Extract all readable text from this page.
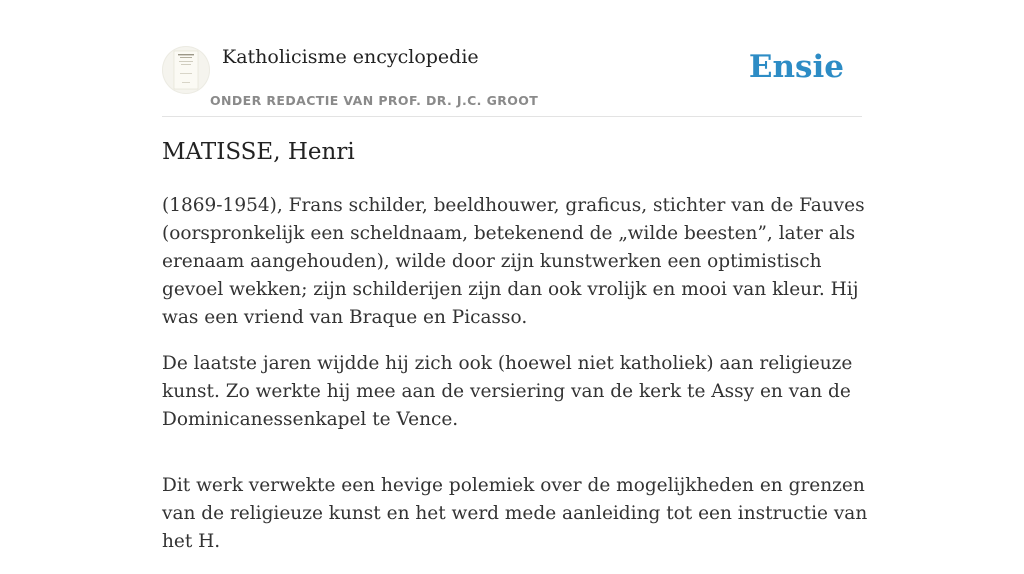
Katholicisme encyclopedie
ONDER REDACTIE VAN PROF. DR. J.C. GROOT
Ensie
MATISSE, Henri

(1869-1954), Frans schilder, beeldhouwer, graficus, stichter van de Fauves (oorspronkelijk een scheldnaam, betekenend de „wilde beesten”, later als erenaam aangehouden), wilde door zijn kunstwerken een optimistisch gevoel wekken; zijn schilderijen zijn dan ook vrolijk en mooi van kleur. Hij was een vriend van Braque en Picasso.

De laatste jaren wijdde hij zich ook (hoewel niet katholiek) aan religieuze kunst. Zo werkte hij mee aan de versiering van de kerk te Assy en van de Dominicanessenkapel te Vence.

Dit werk verwekte een hevige polemiek over de mogelijkheden en grenzen van de religieuze kunst en het werd mede aanleiding tot een instructie van het H.
